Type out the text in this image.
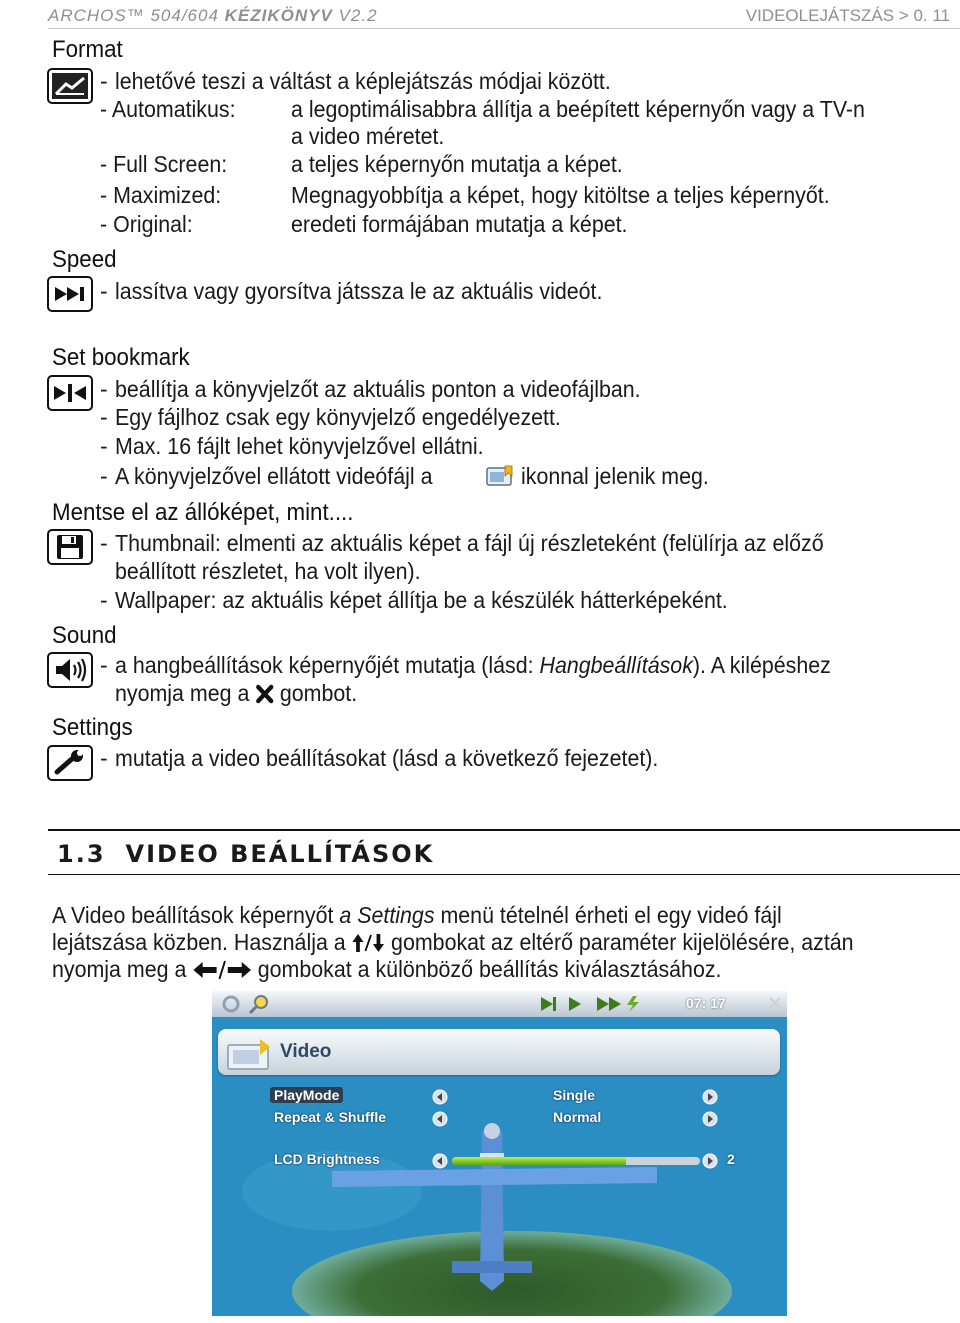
ARCHOS™ 504/604 KÉZIKÖNYV V2.2	VIDEOLEJÁTSZÁS > 0. 11
Format
- lehetővé teszi a váltást a képlejátszás módjai között.
- Automatikus: a legoptimálisabbra állítja a beépített képernyőn vagy a TV-n
a video méretet.
- Full Screen:	a teljes képernyőn mutatja a képet.
- Maximized:	Megnagyobbítja a képet, hogy kitöltse a teljes képernyőt.
- Original:	eredeti formájában mutatja a képet.
Speed
- lassítva vagy gyorsítva játssza le az aktuális videót.
Set bookmark
- beállítja a könyvjelzőt az aktuális ponton a videofájlban.
- Egy fájlhoz csak egy könyvjelző engedélyezett.
- Max. 16 fájlt lehet könyvjelzővel ellátni.
- A könyvjelzővel ellátott videófájl a	ikonnal jelenik meg.
Mentse el az állóképet, mint....
- Thumbnail: elmenti az aktuális képet a fájl új részleteként (felülírja az előző
beállított részletet, ha volt ilyen).
- Wallpaper: az aktuális képet állítja be a készülék hátterképeként.
Sound
- a hangbeállítások képernyőjét mutatja (lásd: Hangbeállítások). A kilépéshez
nyomja meg a gombot.
Settings
- mutatja a video beállításokat (lásd a következő fejezetet).
1.3 VIDEO BEÁLLÍTÁSOK
A Video beállítások képernyőt a Settings menü tételnél érheti el egy videó fájl
lejátszása közben. Használja a  gombokat az eltérő paraméter kijelölésére, aztán
nyomja meg a	gombokat a különböző beállítás kiválasztásához.
07: 17
Video
PlayMode	Single
Repeat & Shuffle	Normal
LCD Brightness	2
